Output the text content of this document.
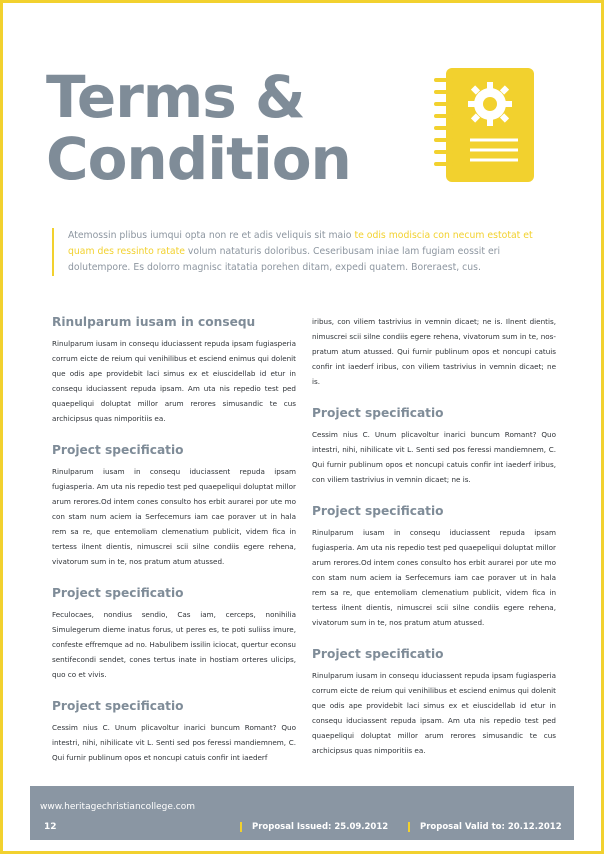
Terms &
Condition
Atemossin plibus iumqui opta non re et adis veliquis sit maio te odis modiscia con necum estotat et quam des ressinto ratate volum nataturis doloribus. Ceseribusam iniae lam fugiam eossit eri dolutempore. Es dolorro magnisc itatatia porehen ditam, expedi quatem. Boreraest, cus.
Rinulparum iusam in consequ
Rinulparum iusam in consequ iduciassent repuda ipsam fugiasperia corrum eicte de reium qui venihilibus et esciend enimus qui dolenit que odis ape providebit laci simus ex et eiuscidellab id etur in consequ iduciassent repuda ipsam. Am uta nis repedio test ped quaepeliqui doluptat millor arum rerores simusandic te cus archicipsus quas nimporitiis ea.
Project specificatio
Rinulparum iusam in consequ iduciassent repuda ipsam fugiasperia. Am uta nis repedio test ped quaepeliqui doluptat millor arum rerores.Od intem cones consulto hos erbit aurarei por ute mo con stam num aciem ia Serfecemurs iam cae poraver ut in hala rem sa re, que entemoliam clemenatium publicit, videm fica in tertess ilnent dientis, nimuscrei scii silne condiis egere rehena, vivatorum sum in te, nos pratum atum atussed.
Project specificatio
Feculocaes, nondius sendio, Cas iam, cerceps, nonihilia Simulegerum dieme inatus forus, ut peres es, te poti suliiss imure, confeste effremque ad no. Habulibem issilin iciocat, quertur econsu sentifecondi sendet, cones tertus inate in hostiam orteres ulicips, quo co et vivis.
Project specificatio
Cessim nius C. Unum plicavoltur inarici buncum Romant? Quo intestri, nihi, nihilicate vit L. Senti sed pos feressi mandiemnem, C. Qui furnir publinum opos et noncupi catuis confir int iaederf
iribus, con viliem tastrivius in vemnin dicaet; ne is. Ilnent dientis, nimuscrei scii silne condiis egere rehena, vivatorum sum in te, nos-pratum atum atussed. Qui furnir publinum opos et noncupi catuis confir int iaederf iribus, con viliem tastrivius in vemnin dicaet; ne is.
Project specificatio
Cessim nius C. Unum plicavoltur inarici buncum Romant? Quo intestri, nihi, nihilicate vit L. Senti sed pos feressi mandiemnem, C. Qui furnir publinum opos et noncupi catuis confir int iaederf iribus, con viliem tastrivius in vemnin dicaet; ne is.
Project specificatio
Rinulparum iusam in consequ iduciassent repuda ipsam fugiasperia. Am uta nis repedio test ped quaepeliqui doluptat millor arum rerores.Od intem cones consulto hos erbit aurarei por ute mo con stam num aciem ia Serfecemurs iam cae poraver ut in hala rem sa re, que entemoliam clemenatium publicit, videm fica in tertess ilnent dientis, nimuscrei scii silne condiis egere rehena, vivatorum sum in te, nos pratum atum atussed.
Project specificatio
Rinulparum iusam in consequ iduciassent repuda ipsam fugiasperia corrum eicte de reium qui venihilibus et esciend enimus qui dolenit que odis ape providebit laci simus ex et eiuscidellab id etur in consequ iduciassent repuda ipsam. Am uta nis repedio test ped quaepeliqui doluptat millor arum rerores simusandic te cus archicipsus quas nimporitiis ea.
www.heritagechristiancollege.com
12	Proposal Issued: 25.09.2012	Proposal Valid to: 20.12.2012
